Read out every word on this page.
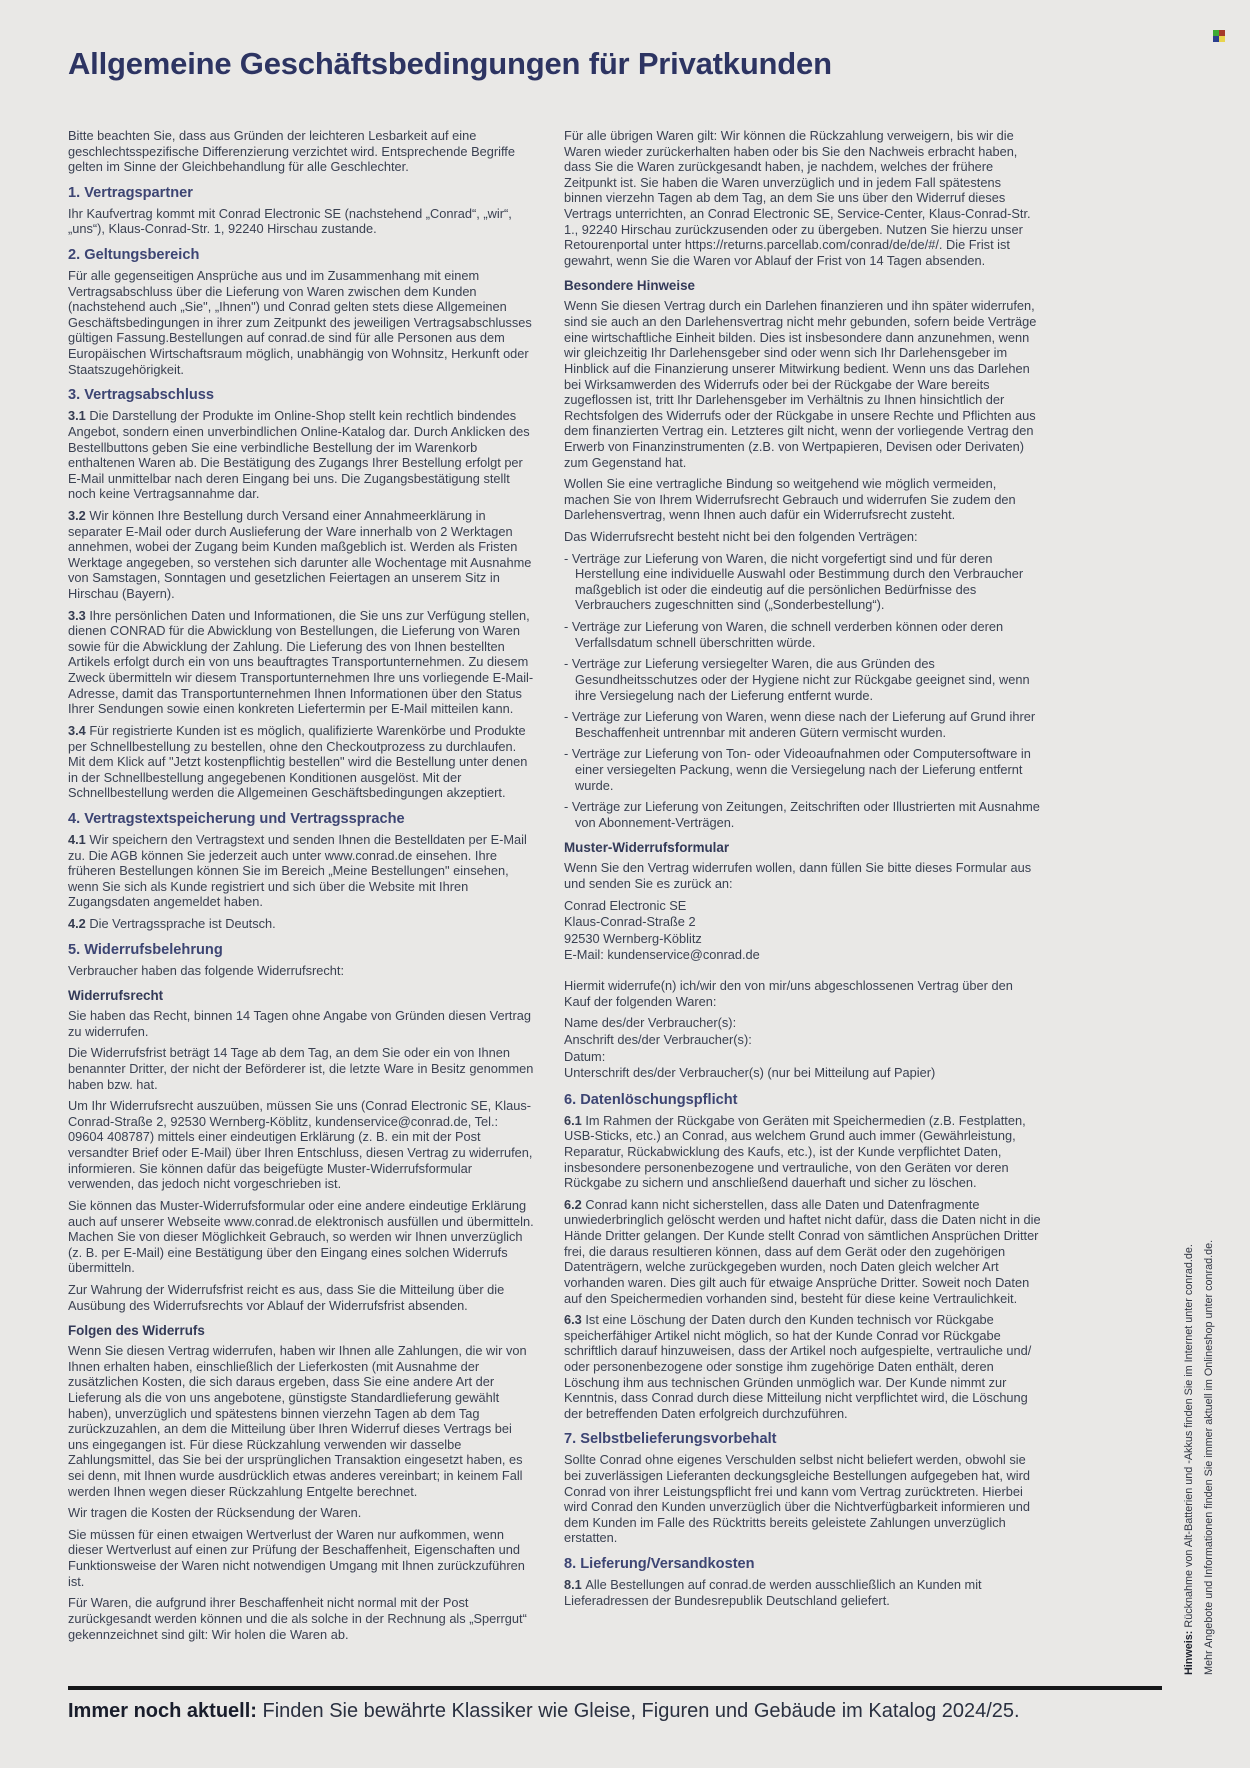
Allgemeine Geschäftsbedingungen für Privatkunden

Bitte beachten Sie, dass aus Gründen der leichteren Lesbarkeit auf eine geschlechtsspezifische Differenzierung verzichtet wird. Entsprechende Begriffe gelten im Sinne der Gleichbehandlung für alle Geschlechter.

1. Vertragspartner

Ihr Kaufvertrag kommt mit Conrad Electronic SE (nachstehend „Conrad“, „wir“, „uns“), Klaus-Conrad-Str. 1, 92240 Hirschau zustande.

2. Geltungsbereich

Für alle gegenseitigen Ansprüche aus und im Zusammenhang mit einem Vertragsabschluss über die Lieferung von Waren zwischen dem Kunden (nachstehend auch „Sie", „Ihnen") und Conrad gelten stets diese Allgemeinen Geschäftsbedingungen in ihrer zum Zeitpunkt des jeweiligen Vertragsabschlusses gültigen Fassung.Bestellungen auf conrad.de sind für alle Personen aus dem Europäischen Wirtschaftsraum möglich, unabhängig von Wohnsitz, Herkunft oder Staatszugehörigkeit.

3. Vertragsabschluss

3.1 Die Darstellung der Produkte im Online-Shop stellt kein rechtlich bindendes Angebot, sondern einen unverbindlichen Online-Katalog dar. Durch Anklicken des Bestellbuttons geben Sie eine verbindliche Bestellung der im Warenkorb enthaltenen Waren ab. Die Bestätigung des Zugangs Ihrer Bestellung erfolgt per E-Mail unmittelbar nach deren Eingang bei uns. Die Zugangsbestätigung stellt noch keine Vertragsannahme dar.

3.2 Wir können Ihre Bestellung durch Versand einer Annahmeerklärung in separater E-Mail oder durch Auslieferung der Ware innerhalb von 2 Werktagen annehmen, wobei der Zugang beim Kunden maßgeblich ist. Werden als Fristen Werktage angegeben, so verstehen sich darunter alle Wochentage mit Ausnahme von Samstagen, Sonntagen und gesetzlichen Feiertagen an unserem Sitz in Hirschau (Bayern).

3.3 Ihre persönlichen Daten und Informationen, die Sie uns zur Verfügung stellen, dienen CONRAD für die Abwicklung von Bestellungen, die Lieferung von Waren sowie für die Abwicklung der Zahlung. Die Lieferung des von Ihnen bestellten Artikels erfolgt durch ein von uns beauftragtes Transportunternehmen. Zu diesem Zweck übermitteln wir diesem Transportunternehmen Ihre uns vorliegende E-Mail-Adresse, damit das Transportunternehmen Ihnen Informationen über den Status Ihrer Sendungen sowie einen konkreten Liefertermin per E-Mail mitteilen kann.

3.4 Für registrierte Kunden ist es möglich, qualifizierte Warenkörbe und Produkte per Schnellbestellung zu bestellen, ohne den Checkoutprozess zu durchlaufen. Mit dem Klick auf "Jetzt kostenpflichtig bestellen" wird die Bestellung unter denen in der Schnellbestellung angegebenen Konditionen ausgelöst. Mit der Schnellbestellung werden die Allgemeinen Geschäftsbedingungen akzeptiert.

4. Vertragstextspeicherung und Vertragssprache

4.1 Wir speichern den Vertragstext und senden Ihnen die Bestelldaten per E-Mail zu. Die AGB können Sie jederzeit auch unter www.conrad.de einsehen. Ihre früheren Bestellungen können Sie im Bereich „Meine Bestellungen" einsehen, wenn Sie sich als Kunde registriert und sich über die Website mit Ihren Zugangsdaten angemeldet haben.

4.2 Die Vertragssprache ist Deutsch.

5. Widerrufsbelehrung

Verbraucher haben das folgende Widerrufsrecht:

Widerrufsrecht

Sie haben das Recht, binnen 14 Tagen ohne Angabe von Gründen diesen Vertrag zu widerrufen.

Die Widerrufsfrist beträgt 14 Tage ab dem Tag, an dem Sie oder ein von Ihnen benannter Dritter, der nicht der Beförderer ist, die letzte Ware in Besitz genommen haben bzw. hat.

Um Ihr Widerrufsrecht auszuüben, müssen Sie uns (Conrad Electronic SE, Klaus-Conrad-Straße 2, 92530 Wernberg-Köblitz, kundenservice@conrad.de, Tel.: 09604 408787) mittels einer eindeutigen Erklärung (z. B. ein mit der Post versandter Brief oder E-Mail) über Ihren Entschluss, diesen Vertrag zu widerrufen, informieren. Sie können dafür das beigefügte Muster-Widerrufsformular verwenden, das jedoch nicht vorgeschrieben ist.

Sie können das Muster-Widerrufsformular oder eine andere eindeutige Erklärung auch auf unserer Webseite www.conrad.de elektronisch ausfüllen und übermitteln. Machen Sie von dieser Möglichkeit Gebrauch, so werden wir Ihnen unverzüglich (z. B. per E-Mail) eine Bestätigung über den Eingang eines solchen Widerrufs übermitteln.

Zur Wahrung der Widerrufsfrist reicht es aus, dass Sie die Mitteilung über die Ausübung des Widerrufsrechts vor Ablauf der Widerrufsfrist absenden.

Folgen des Widerrufs

Wenn Sie diesen Vertrag widerrufen, haben wir Ihnen alle Zahlungen, die wir von Ihnen erhalten haben, einschließlich der Lieferkosten (mit Ausnahme der zusätzlichen Kosten, die sich daraus ergeben, dass Sie eine andere Art der Lieferung als die von uns angebotene, günstigste Standardlieferung gewählt haben), unverzüglich und spätestens binnen vierzehn Tagen ab dem Tag zurückzuzahlen, an dem die Mitteilung über Ihren Widerruf dieses Vertrags bei uns eingegangen ist. Für diese Rückzahlung verwenden wir dasselbe Zahlungsmittel, das Sie bei der ursprünglichen Transaktion eingesetzt haben, es sei denn, mit Ihnen wurde ausdrücklich etwas anderes vereinbart; in keinem Fall werden Ihnen wegen dieser Rückzahlung Entgelte berechnet.

Wir tragen die Kosten der Rücksendung der Waren.

Sie müssen für einen etwaigen Wertverlust der Waren nur aufkommen, wenn dieser Wertverlust auf einen zur Prüfung der Beschaffenheit, Eigenschaften und Funktionsweise der Waren nicht notwendigen Umgang mit Ihnen zurückzuführen ist.

Für Waren, die aufgrund ihrer Beschaffenheit nicht normal mit der Post zurückgesandt werden können und die als solche in der Rechnung als „Sperrgut“ gekennzeichnet sind gilt: Wir holen die Waren ab.

Für alle übrigen Waren gilt: Wir können die Rückzahlung verweigern, bis wir die Waren wieder zurückerhalten haben oder bis Sie den Nachweis erbracht haben, dass Sie die Waren zurückgesandt haben, je nachdem, welches der frühere Zeitpunkt ist. Sie haben die Waren unverzüglich und in jedem Fall spätestens binnen vierzehn Tagen ab dem Tag, an dem Sie uns über den Widerruf dieses Vertrags unterrichten, an Conrad Electronic SE, Service-Center, Klaus-Conrad-Str. 1., 92240 Hirschau zurückzusenden oder zu übergeben. Nutzen Sie hierzu unser Retourenportal unter https://returns.parcellab.com/conrad/de/de/#/. Die Frist ist gewahrt, wenn Sie die Waren vor Ablauf der Frist von 14 Tagen absenden.

Besondere Hinweise

Wenn Sie diesen Vertrag durch ein Darlehen finanzieren und ihn später widerrufen, sind sie auch an den Darlehensvertrag nicht mehr gebunden, sofern beide Verträge eine wirtschaftliche Einheit bilden. Dies ist insbesondere dann anzunehmen, wenn wir gleichzeitig Ihr Darlehensgeber sind oder wenn sich Ihr Darlehensgeber im Hinblick auf die Finanzierung unserer Mitwirkung bedient. Wenn uns das Darlehen bei Wirksamwerden des Widerrufs oder bei der Rückgabe der Ware bereits zugeflossen ist, tritt Ihr Darlehensgeber im Verhältnis zu Ihnen hinsichtlich der Rechtsfolgen des Widerrufs oder der Rückgabe in unsere Rechte und Pflichten aus dem finanzierten Vertrag ein. Letzteres gilt nicht, wenn der vorliegende Vertrag den Erwerb von Finanzinstrumenten (z.B. von Wertpapieren, Devisen oder Derivaten) zum Gegenstand hat.

Wollen Sie eine vertragliche Bindung so weitgehend wie möglich vermeiden, machen Sie von Ihrem Widerrufsrecht Gebrauch und widerrufen Sie zudem den Darlehensvertrag, wenn Ihnen auch dafür ein Widerrufsrecht zusteht.

Das Widerrufsrecht besteht nicht bei den folgenden Verträgen:

- Verträge zur Lieferung von Waren, die nicht vorgefertigt sind und für deren Herstellung eine individuelle Auswahl oder Bestimmung durch den Verbraucher maßgeblich ist oder die eindeutig auf die persönlichen Bedürfnisse des Verbrauchers zugeschnitten sind („Sonderbestellung“).
- Verträge zur Lieferung von Waren, die schnell verderben können oder deren Verfallsdatum schnell überschritten würde.
- Verträge zur Lieferung versiegelter Waren, die aus Gründen des Gesundheitsschutzes oder der Hygiene nicht zur Rückgabe geeignet sind, wenn ihre Versiegelung nach der Lieferung entfernt wurde.
- Verträge zur Lieferung von Waren, wenn diese nach der Lieferung auf Grund ihrer Beschaffenheit untrennbar mit anderen Gütern vermischt wurden.
- Verträge zur Lieferung von Ton- oder Videoaufnahmen oder Computersoftware in einer versiegelten Packung, wenn die Versiegelung nach der Lieferung entfernt wurde.
- Verträge zur Lieferung von Zeitungen, Zeitschriften oder Illustrierten mit Ausnahme von Abonnement-Verträgen.
Muster-Widerrufsformular

Wenn Sie den Vertrag widerrufen wollen, dann füllen Sie bitte dieses Formular aus und senden Sie es zurück an:

Conrad Electronic SE
Klaus-Conrad-Straße 2
92530 Wernberg-Köblitz
E-Mail: kundenservice@conrad.de

Hiermit widerrufe(n) ich/wir den von mir/uns abgeschlossenen Vertrag über den Kauf der folgenden Waren:

Name des/der Verbraucher(s):
Anschrift des/der Verbraucher(s):
Datum:
Unterschrift des/der Verbraucher(s) (nur bei Mitteilung auf Papier)

6. Datenlöschungspflicht

6.1 Im Rahmen der Rückgabe von Geräten mit Speichermedien (z.B. Festplatten, USB-Sticks, etc.) an Conrad, aus welchem Grund auch immer (Gewährleistung, Reparatur, Rückabwicklung des Kaufs, etc.), ist der Kunde verpflichtet Daten, insbesondere personenbezogene und vertrauliche, von den Geräten vor deren Rückgabe zu sichern und anschließend dauerhaft und sicher zu löschen.

6.2 Conrad kann nicht sicherstellen, dass alle Daten und Datenfragmente unwiederbringlich gelöscht werden und haftet nicht dafür, dass die Daten nicht in die Hände Dritter gelangen. Der Kunde stellt Conrad von sämtlichen Ansprüchen Dritter frei, die daraus resultieren können, dass auf dem Gerät oder den zugehörigen Datenträgern, welche zurückgegeben wurden, noch Daten gleich welcher Art vorhanden waren. Dies gilt auch für etwaige Ansprüche Dritter. Soweit noch Daten auf den Speichermedien vorhanden sind, besteht für diese keine Vertraulichkeit.

6.3 Ist eine Löschung der Daten durch den Kunden technisch vor Rückgabe speicherfähiger Artikel nicht möglich, so hat der Kunde Conrad vor Rückgabe schriftlich darauf hinzuweisen, dass der Artikel noch aufgespielte, vertrauliche und/ oder personenbezogene oder sonstige ihm zugehörige Daten enthält, deren Löschung ihm aus technischen Gründen unmöglich war. Der Kunde nimmt zur Kenntnis, dass Conrad durch diese Mitteilung nicht verpflichtet wird, die Löschung der betreffenden Daten erfolgreich durchzuführen.

7. Selbstbelieferungsvorbehalt

Sollte Conrad ohne eigenes Verschulden selbst nicht beliefert werden, obwohl sie bei zuverlässigen Lieferanten deckungsgleiche Bestellungen aufgegeben hat, wird Conrad von ihrer Leistungspflicht frei und kann vom Vertrag zurücktreten. Hierbei wird Conrad den Kunden unverzüglich über die Nichtverfügbarkeit informieren und dem Kunden im Falle des Rücktritts bereits geleistete Zahlungen unverzüglich erstatten.

8. Lieferung/Versandkosten

8.1 Alle Bestellungen auf conrad.de werden ausschließlich an Kunden mit Lieferadressen der Bundesrepublik Deutschland geliefert.

Immer noch aktuell: Finden Sie bewährte Klassiker wie Gleise, Figuren und Gebäude im Katalog 2024/25.
Hinweis: Rücknahme von Alt-Batterien und -Akkus finden Sie im Internet unter conrad.de. Mehr Angebote und Informationen finden Sie immer aktuell im Onlineshop unter conrad.de.
